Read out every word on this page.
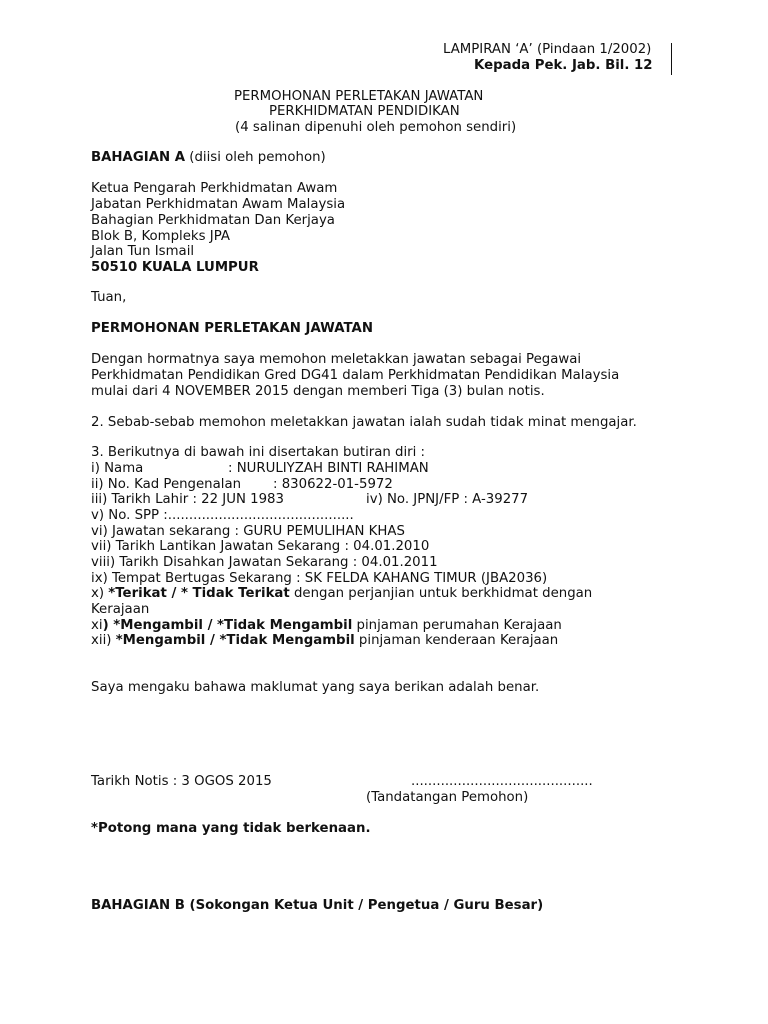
LAMPIRAN ‘A’ (Pindaan 1/2002)
Kepada Pek. Jab. Bil. 12
PERMOHONAN PERLETAKAN JAWATAN
PERKHIDMATAN PENDIDIKAN
(4 salinan dipenuhi oleh pemohon sendiri)
BAHAGIAN A (diisi oleh pemohon)
Ketua Pengarah Perkhidmatan Awam
Jabatan Perkhidmatan Awam Malaysia
Bahagian Perkhidmatan Dan Kerjaya
Blok B, Kompleks JPA
Jalan Tun Ismail
50510 KUALA LUMPUR
Tuan,
PERMOHONAN PERLETAKAN JAWATAN
Dengan hormatnya saya memohon meletakkan jawatan sebagai Pegawai
Perkhidmatan Pendidikan Gred DG41 dalam Perkhidmatan Pendidikan Malaysia
mulai dari 4 NOVEMBER 2015 dengan memberi Tiga (3) bulan notis.
2. Sebab-sebab memohon meletakkan jawatan ialah sudah tidak minat mengajar.
3. Berikutnya di bawah ini disertakan butiran diri :
i) Nama	: NURULIYZAH BINTI RAHIMAN
ii) No. Kad Pengenalan : 830622-01-5972
iii) Tarikh Lahir : 22 JUN 1983	iv) No. JPNJ/FP : A-39277
v) No. SPP :............................................
vi) Jawatan sekarang : GURU PEMULIHAN KHAS
vii) Tarikh Lantikan Jawatan Sekarang : 04.01.2010
viii) Tarikh Disahkan Jawatan Sekarang : 04.01.2011
ix) Tempat Bertugas Sekarang : SK FELDA KAHANG TIMUR (JBA2036)
x) *Terikat / * Tidak Terikat dengan perjanjian untuk berkhidmat dengan
Kerajaan
xi) *Mengambil / *Tidak Mengambil pinjaman perumahan Kerajaan
xii) *Mengambil / *Tidak Mengambil pinjaman kenderaan Kerajaan
Saya mengaku bahawa maklumat yang saya berikan adalah benar.
Tarikh Notis : 3 OGOS 2015	...........................................
(Tandatangan Pemohon)
*Potong mana yang tidak berkenaan.
BAHAGIAN B (Sokongan Ketua Unit / Pengetua / Guru Besar)
